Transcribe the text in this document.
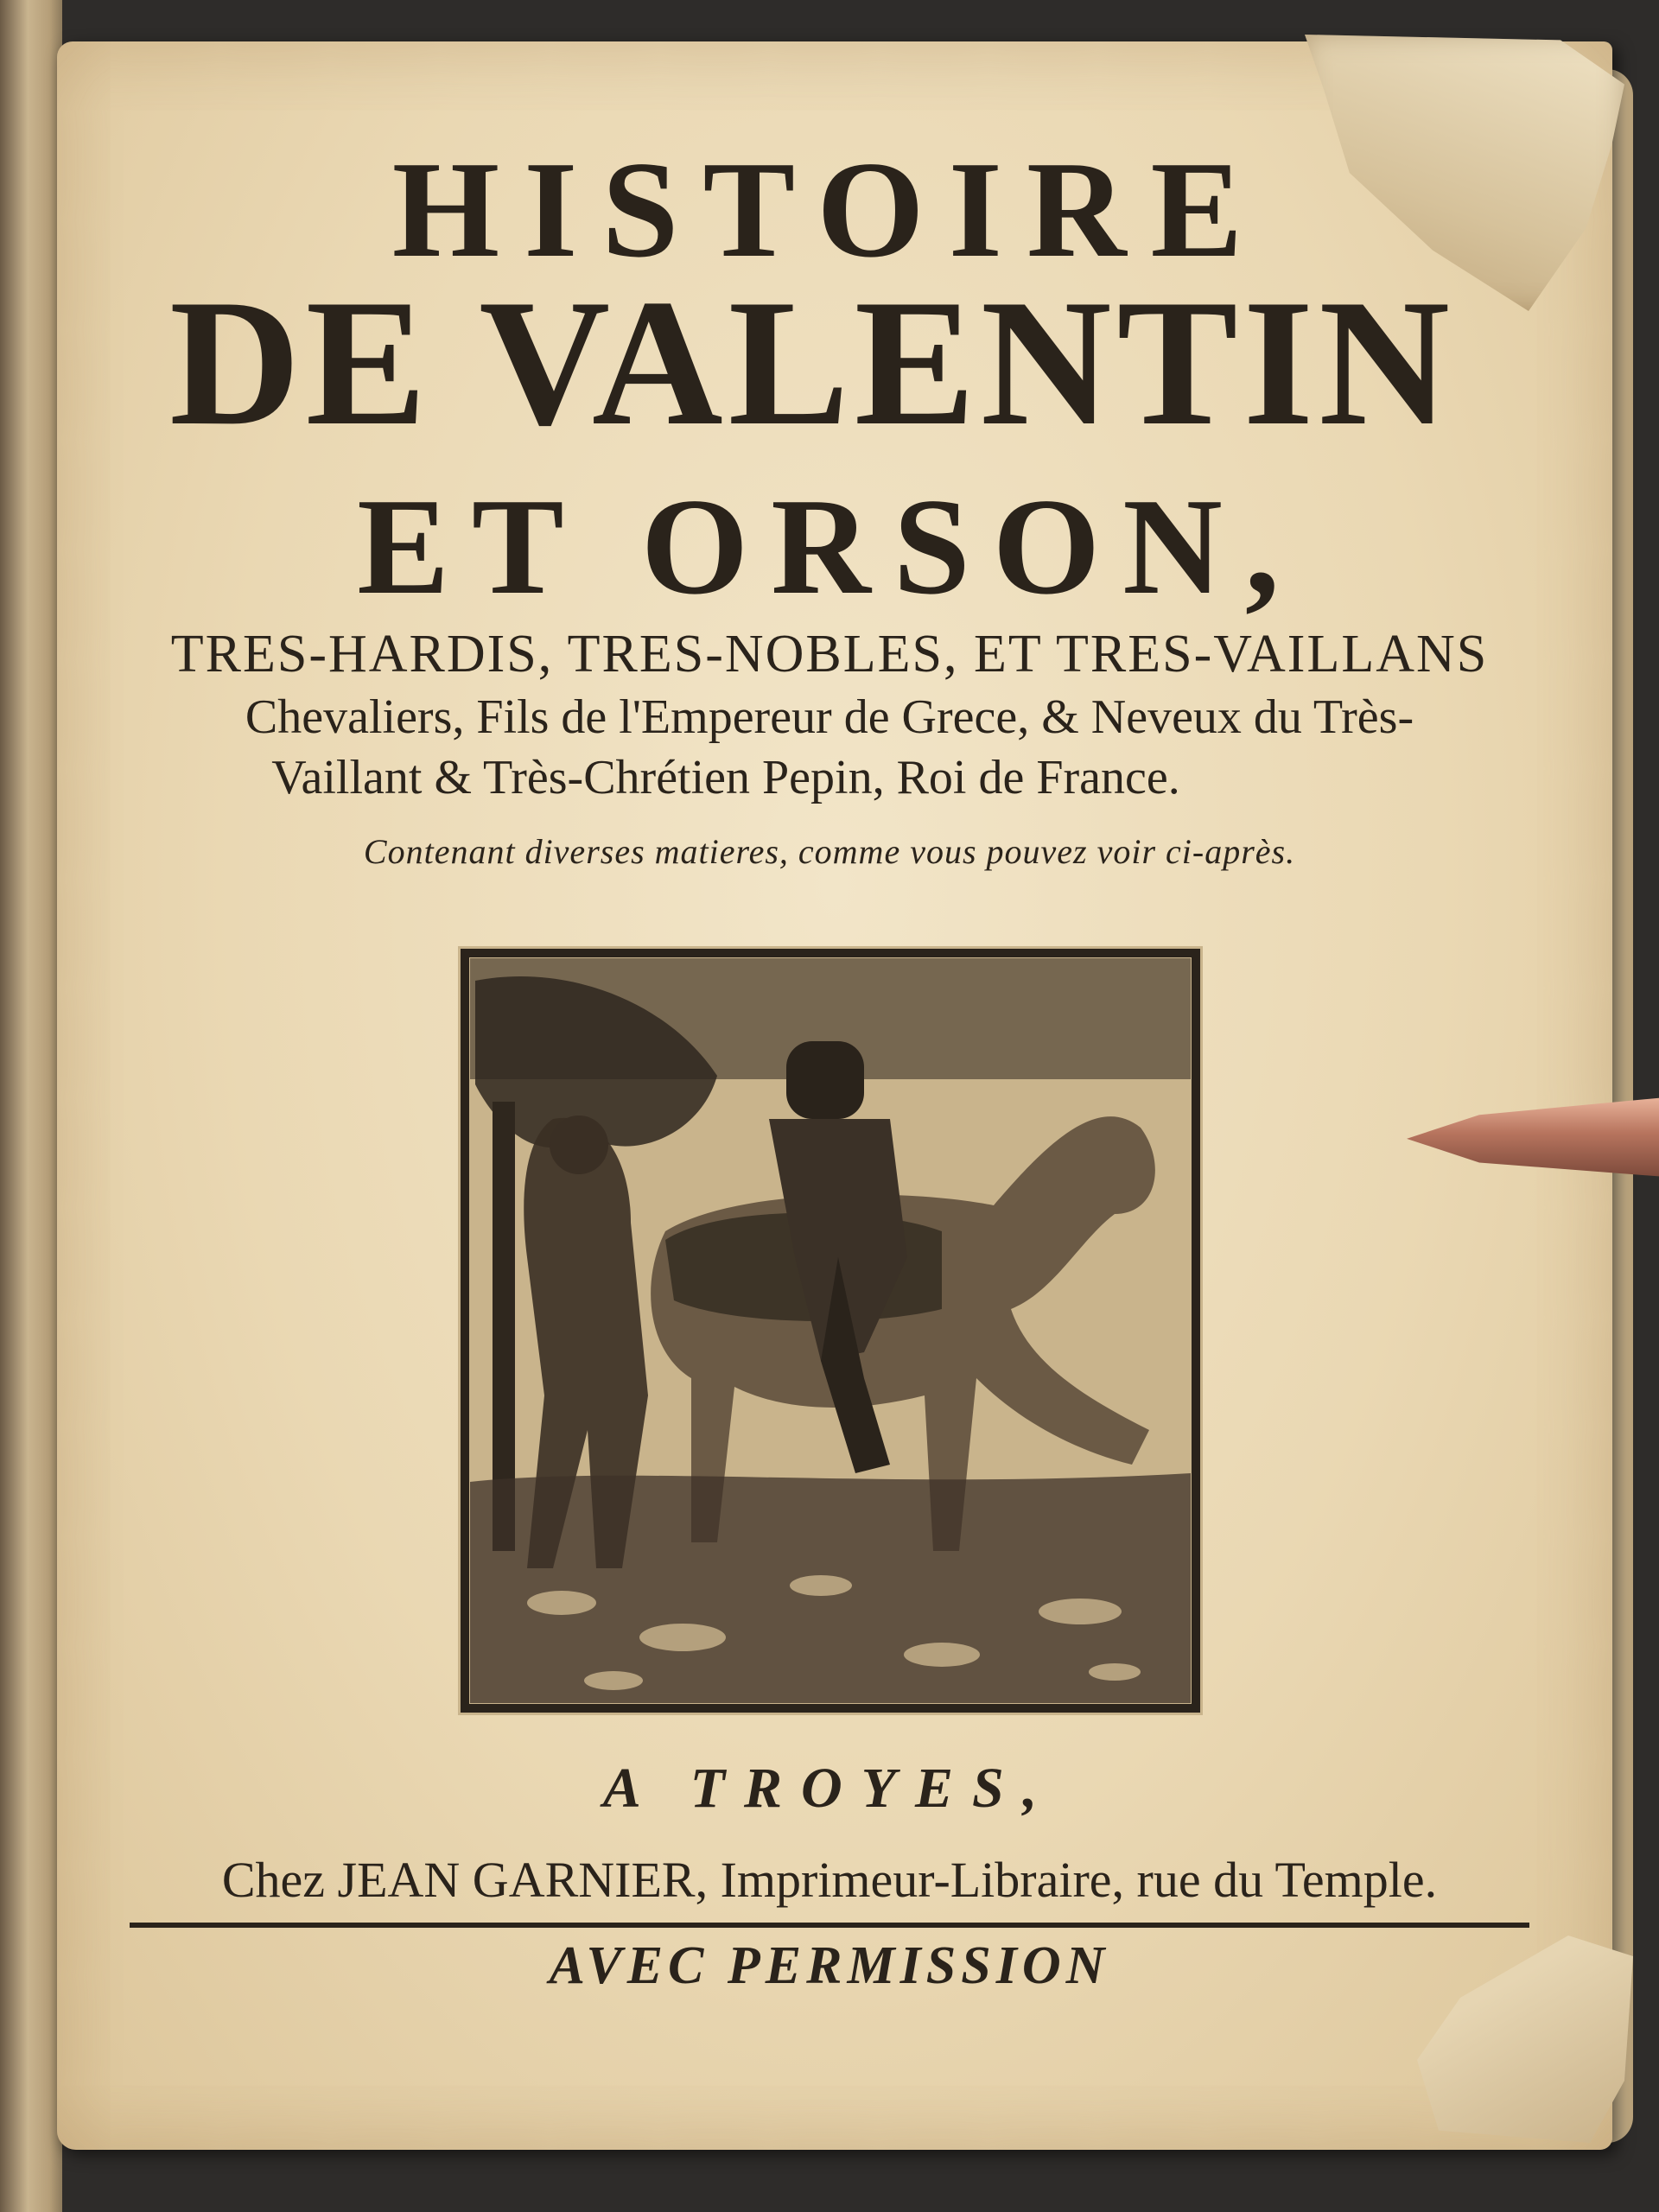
HISTOIRE
DE VALENTIN
ET ORSON,
TRES-HARDIS, TRES-NOBLES, ET TRES-VAILLANS
Chevaliers, Fils de l'Empereur de Grece, & Neveux du Très-
Vaillant & Très-Chrétien Pepin, Roi de France.
Contenant diverses matieres, comme vous pouvez voir ci-après.
A TROYES,
Chez JEAN GARNIER, Imprimeur-Libraire, rue du Temple.
AVEC PERMISSION
